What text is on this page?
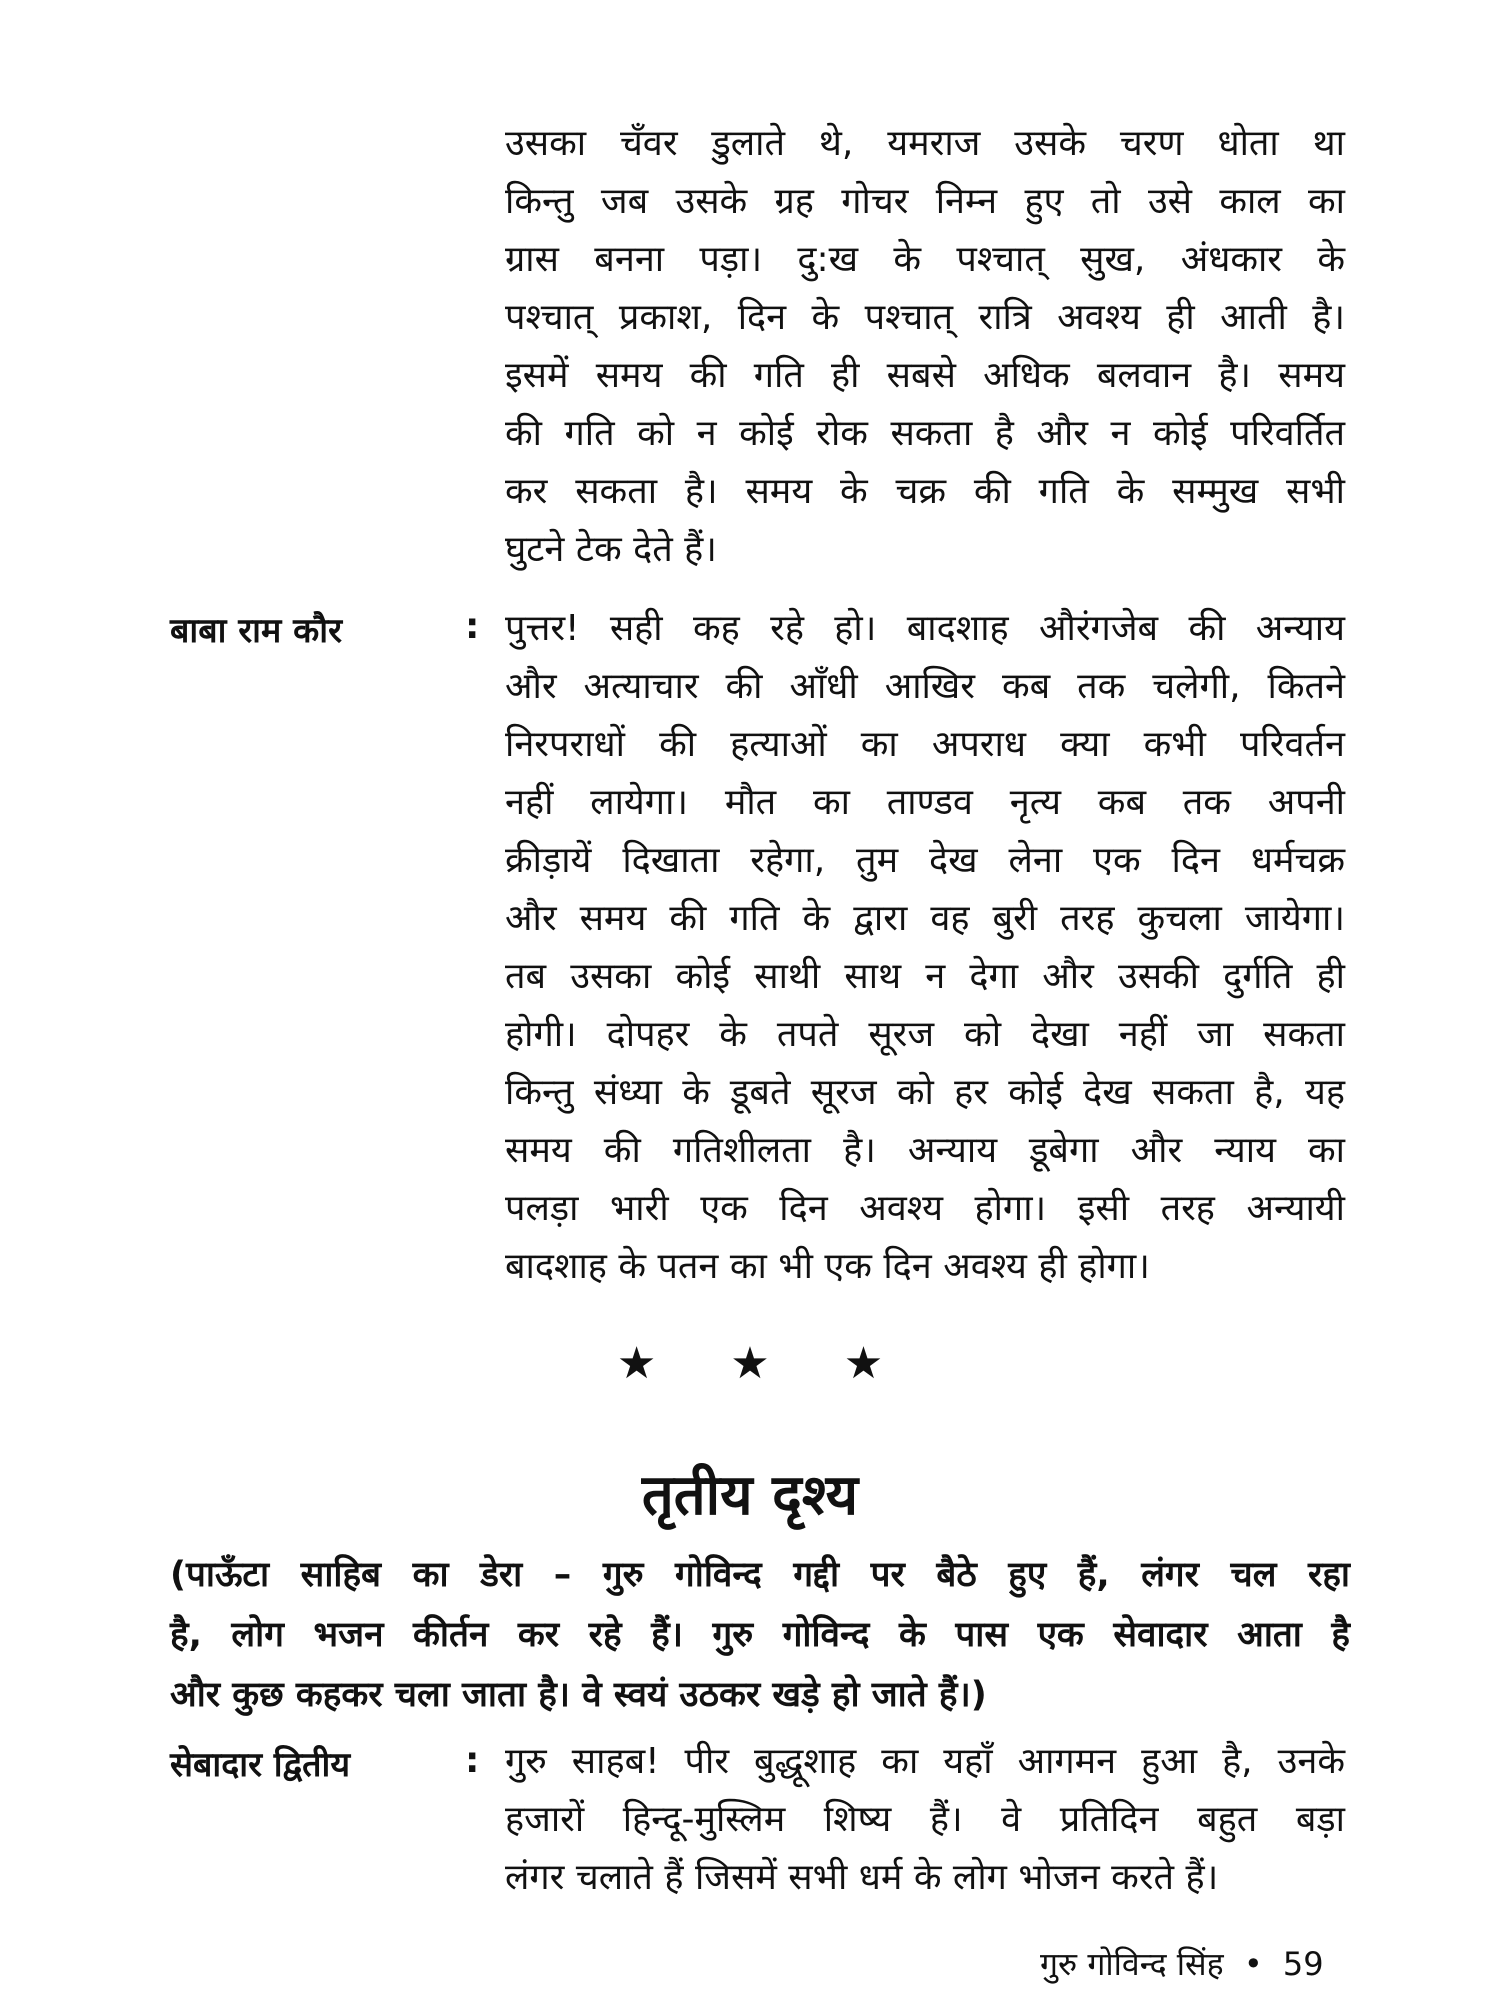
उसका चँवर डुलाते थे, यमराज उसके चरण धोता था
किन्तु जब उसके ग्रह गोचर निम्न हुए तो उसे काल का
ग्रास बनना पड़ा। दु:ख के पश्चात् सुख, अंधकार के
पश्चात् प्रकाश, दिन के पश्चात् रात्रि अवश्य ही आती है।
इसमें समय की गति ही सबसे अधिक बलवान है। समय
की गति को न कोई रोक सकता है और न कोई परिवर्तित
कर सकता है। समय के चक्र की गति के सम्मुख सभी
घुटने टेक देते हैं।
बाबा राम कौर	: पुत्तर! सही कह रहे हो। बादशाह औरंगजेब की अन्याय
और अत्याचार की आँधी आखिर कब तक चलेगी, कितने
निरपराधों की हत्याओं का अपराध क्या कभी परिवर्तन
नहीं लायेगा। मौत का ताण्डव नृत्य कब तक अपनी
क्रीड़ायें दिखाता रहेगा, तुम देख लेना एक दिन धर्मचक्र
और समय की गति के द्वारा वह बुरी तरह कुचला जायेगा।
तब उसका कोई साथी साथ न देगा और उसकी दुर्गति ही
होगी। दोपहर के तपते सूरज को देखा नहीं जा सकता
किन्तु संध्या के डूबते सूरज को हर कोई देख सकता है, यह
समय की गतिशीलता है। अन्याय डूबेगा और न्याय का
पलड़ा भारी एक दिन अवश्य होगा। इसी तरह अन्यायी
बादशाह के पतन का भी एक दिन अवश्य ही होगा।
★ ★ ★
तृतीय दृश्य
(पाऊँटा साहिब का डेरा – गुरु गोविन्द गद्दी पर बैठे हुए हैं, लंगर चल रहा
है, लोग भजन कीर्तन कर रहे हैं। गुरु गोविन्द के पास एक सेवादार आता है
और कुछ कहकर चला जाता है। वे स्वयं उठकर खड़े हो जाते हैं।)
सेबादार द्वितीय	: गुरु साहब! पीर बुद्धूशाह का यहाँ आगमन हुआ है, उनके
हजारों हिन्दू-मुस्लिम शिष्य हैं। वे प्रतिदिन बहुत बड़ा
लंगर चलाते हैं जिसमें सभी धर्म के लोग भोजन करते हैं।
गुरु गोविन्द सिंह • 59
